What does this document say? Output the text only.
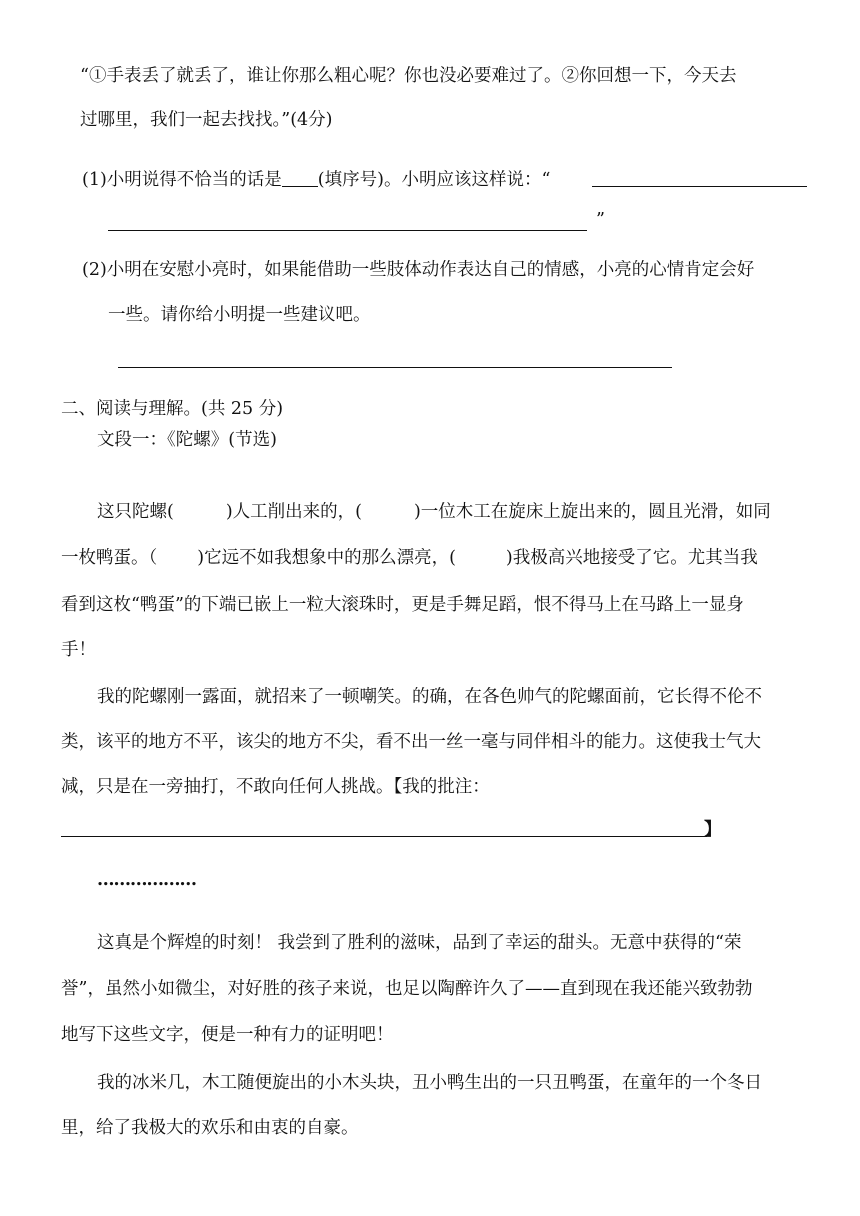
“①手表丢了就丢了，谁让你那么粗心呢？你也没必要难过了。②你回想一下，今天去
过哪里，我们一起去找找。”(4分)
(1)小明说得不恰当的话是 (填序号)。小明应该这样说：“
”
(2)小明在安慰小亮时，如果能借助一些肢体动作表达自己的情感，小亮的心情肯定会好
一些。请你给小明提一些建议吧。
二、阅读与理解。(共 25 分)
文段一：《陀螺》(节选)
这只陀螺(	)人工削出来的，(	)一位木工在旋床上旋出来的，圆且光滑，如同
一枚鸭蛋。（ )它远不如我想象中的那么漂亮，(	)我极高兴地接受了它。尤其当我
看到这枚“鸭蛋”的下端已嵌上一粒大滚珠时，更是手舞足蹈，恨不得马上在马路上一显身
手！
我的陀螺刚一露面，就招来了一顿嘲笑。的确，在各色帅气的陀螺面前，它长得不伦不
类，该平的地方不平，该尖的地方不尖，看不出一丝一毫与同伴相斗的能力。这使我士气大
减，只是在一旁抽打，不敢向任何人挑战。【我的批注：
】
………………
这真是个辉煌的时刻！ 我尝到了胜利的滋味，品到了幸运的甜头。无意中获得的“荣
誉”，虽然小如微尘，对好胜的孩子来说，也足以陶醉许久了——直到现在我还能兴致勃勃
地写下这些文字，便是一种有力的证明吧！
我的冰米几，木工随便旋出的小木头块，丑小鸭生出的一只丑鸭蛋，在童年的一个冬日
里，给了我极大的欢乐和由衷的自豪。
